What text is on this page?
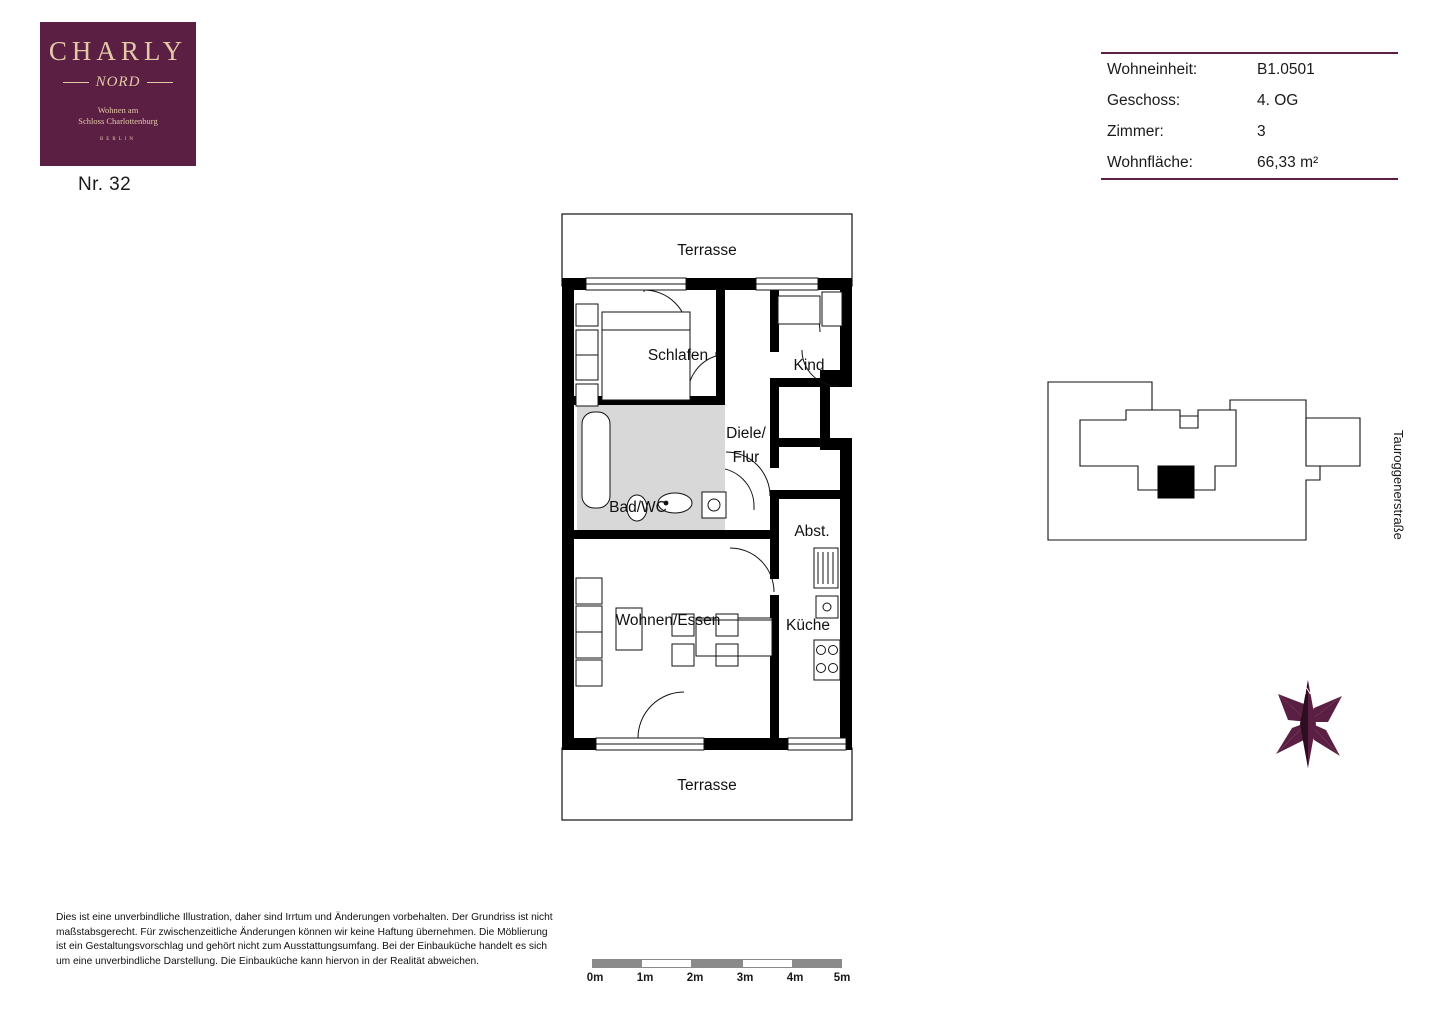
CHARLY
NORD
Wohnen am
Schloss Charlottenburg
BERLIN
Nr. 32
Wohneinheit:	B1.0501
Geschoss:	4. OG
Zimmer:	3
Wohnfläche:	66,33 m²
Terrasse
Schlafen
Kind
Diele/
Flur
Bad/WC
Abst.
Wohnen/Essen	Küche
Terrasse
Tauroggenerstraße
N
Dies ist eine unverbindliche Illustration, daher sind Irrtum und Änderungen vorbehalten. Der Grundriss ist nicht maßstabsgerecht. Für zwischenzeitliche Änderungen können wir keine Haftung übernehmen. Die Möblierung ist ein Gestaltungsvorschlag und gehört nicht zum Ausstattungsumfang. Bei der Einbauküche handelt es sich um eine unverbindliche Darstellung. Die Einbauküche kann hiervon in der Realität abweichen.
0m	1m	2m	3m	4m	5m
